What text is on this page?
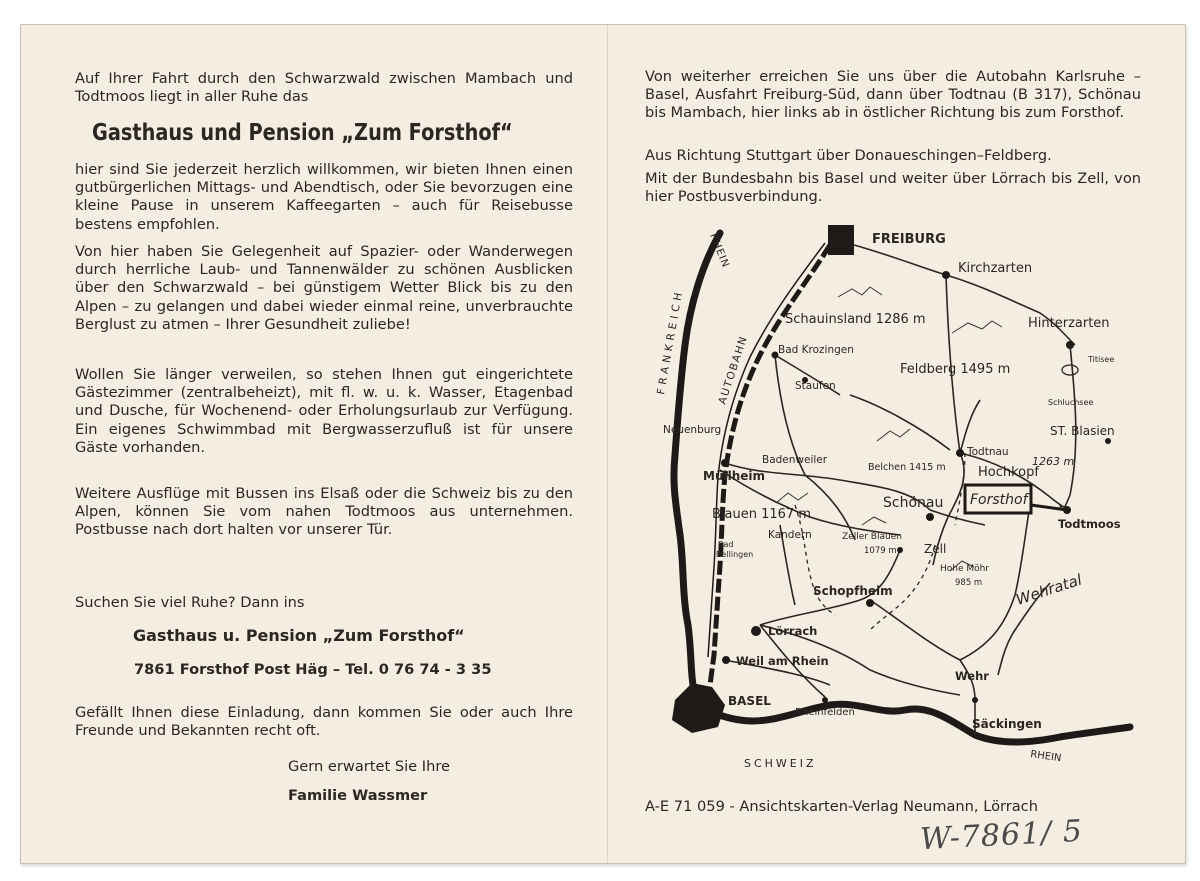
Auf Ihrer Fahrt durch den Schwarzwald zwischen Mambach und Todtmoos liegt in aller Ruhe das

Gasthaus und Pension „Zum Forsthof“

hier sind Sie jederzeit herzlich willkommen, wir bieten Ihnen einen gutbürgerlichen Mittags- und Abendtisch, oder Sie bevorzugen eine kleine Pause in unserem Kaffeegarten – auch für Reisebusse bestens empfohlen.

Von hier haben Sie Gelegenheit auf Spazier- oder Wanderwegen durch herrliche Laub- und Tannenwälder zu schönen Ausblicken über den Schwarzwald – bei günstigem Wetter Blick bis zu den Alpen – zu gelangen und dabei wieder einmal reine, unverbrauchte Berglust zu atmen – Ihrer Gesundheit zuliebe!

Wollen Sie länger verweilen, so stehen Ihnen gut eingerichtete Gästezimmer (zentralbeheizt), mit fl. w. u. k. Wasser, Etagenbad und Dusche, für Wochenend- oder Erholungsurlaub zur Verfügung. Ein eigenes Schwimmbad mit Bergwasserzufluß ist für unsere Gäste vorhanden.

Weitere Ausflüge mit Bussen ins Elsaß oder die Schweiz bis zu den Alpen, können Sie vom nahen Todtmoos aus unternehmen. Postbusse nach dort halten vor unserer Tür.

Suchen Sie viel Ruhe? Dann ins

Gasthaus u. Pension „Zum Forsthof“

7861 Forsthof Post Häg – Tel. 0 76 74 - 3 35

Gefällt Ihnen diese Einladung, dann kommen Sie oder auch Ihre Freunde und Bekannten recht oft.

Gern erwartet Sie Ihre

Familie Wassmer

Von weiterher erreichen Sie uns über die Autobahn Karlsruhe – Basel, Ausfahrt Freiburg-Süd, dann über Todtnau (B 317), Schönau bis Mambach, hier links ab in östlicher Richtung bis zum Forsthof.

Aus Richtung Stuttgart über Donaueschingen–Feldberg.

Mit der Bundesbahn bis Basel und weiter über Lörrach bis Zell, von hier Postbusverbindung.

FREIBURG
Kirchzarten
Hinterzarten
Schauinsland 1286 m
Bad Krozingen
Feldberg 1495 m
Titisee
Staufen
Schluchsee
ST. Blasien
Neuenburg
Todtnau
Hochkopf
1263 m
Badenweiler
Belchen 1415 m
Müllheim
Schönau Forsthof
Todtmoos
Blauen 1167 m
Kandern	Zeller Blauen
1079 m Zell
Bad
Bellingen
Hohe Möhr
985 m
Schopfheim	Wehratal
Lörrach
Weil am Rhein
Wehr
BASEL
Rheinfelden
Säckingen
SCHWEIZ	RHEIN
RHEIN
FRANKREICH	AUTOBAHN

A-E 71 059 - Ansichtskarten-Verlag Neumann, Lörrach

W-7861/ 5
